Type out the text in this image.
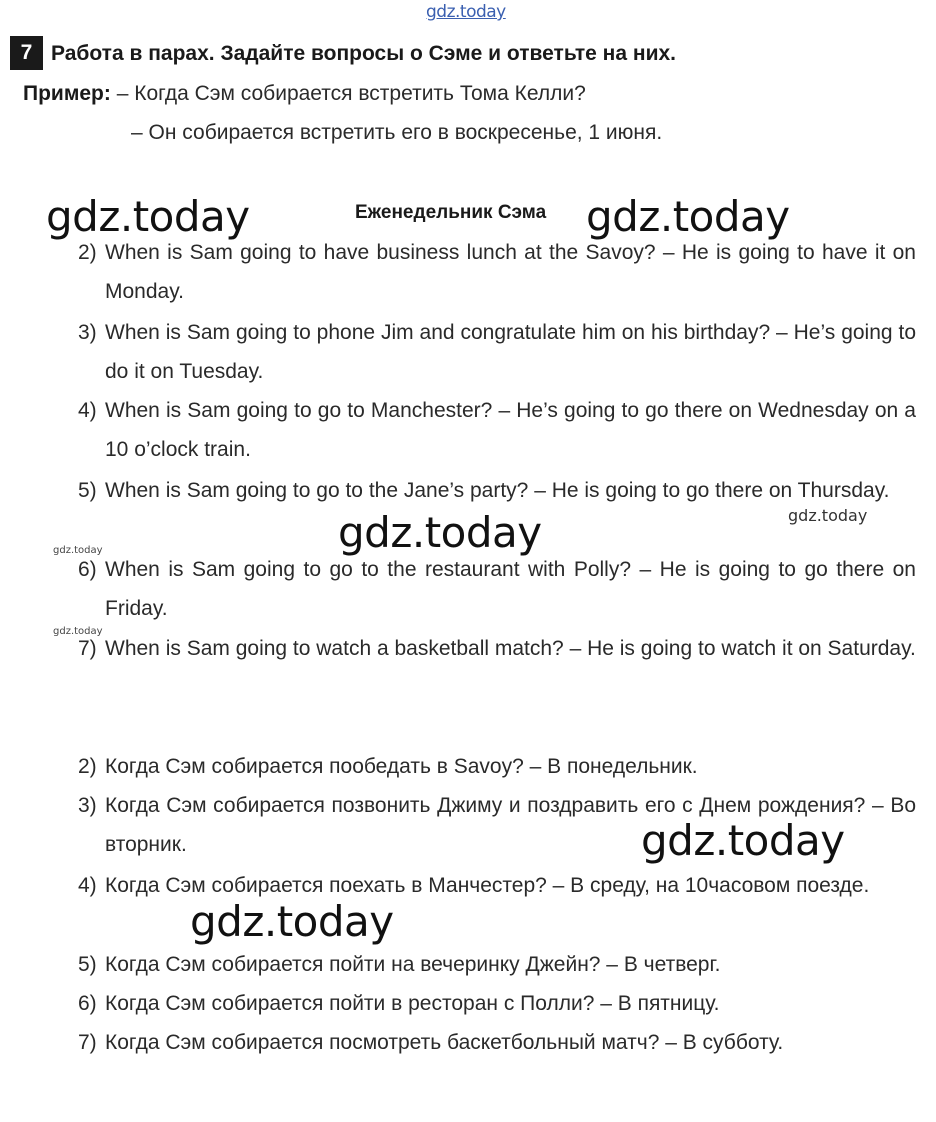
gdz.today
7 Работа в парах. Задайте вопросы о Сэме и ответьте на них.
Пример: – Когда Сэм собирается встретить Тома Келли?
– Он собирается встретить его в воскресенье, 1 июня.
Еженедельник Сэма
gdz.today	gdz.today
gdz.today
gdz.today
gdz.today
gdz.today
gdz.today
gdz.today
2) When is Sam going to have business lunch at the Savoy? – He is going to have it on Monday.
3) When is Sam going to phone Jim and congratulate him on his birthday? – He’s going to do it on Tuesday.
4) When is Sam going to go to Manchester? – He’s going to go there on Wednesday on a 10 o’clock train.
5) When is Sam going to go to the Jane’s party? – He is going to go there on Thursday.
6) When is Sam going to go to the restaurant with Polly? – He is going to go there on Friday.
7) When is Sam going to watch a basketball match? – He is going to watch it on Saturday.
2) Когда Сэм собирается пообедать в Savoy? – В понедельник.
3) Когда Сэм собирается позвонить Джиму и поздравить его с Днем рождения? – Во вторник.
4) Когда Сэм собирается поехать в Манчестер? – В среду, на 10часовом поезде.
5) Когда Сэм собирается пойти на вечеринку Джейн? – В четверг.
6) Когда Сэм собирается пойти в ресторан с Полли? – В пятницу.
7) Когда Сэм собирается посмотреть баскетбольный матч? – В субботу.
